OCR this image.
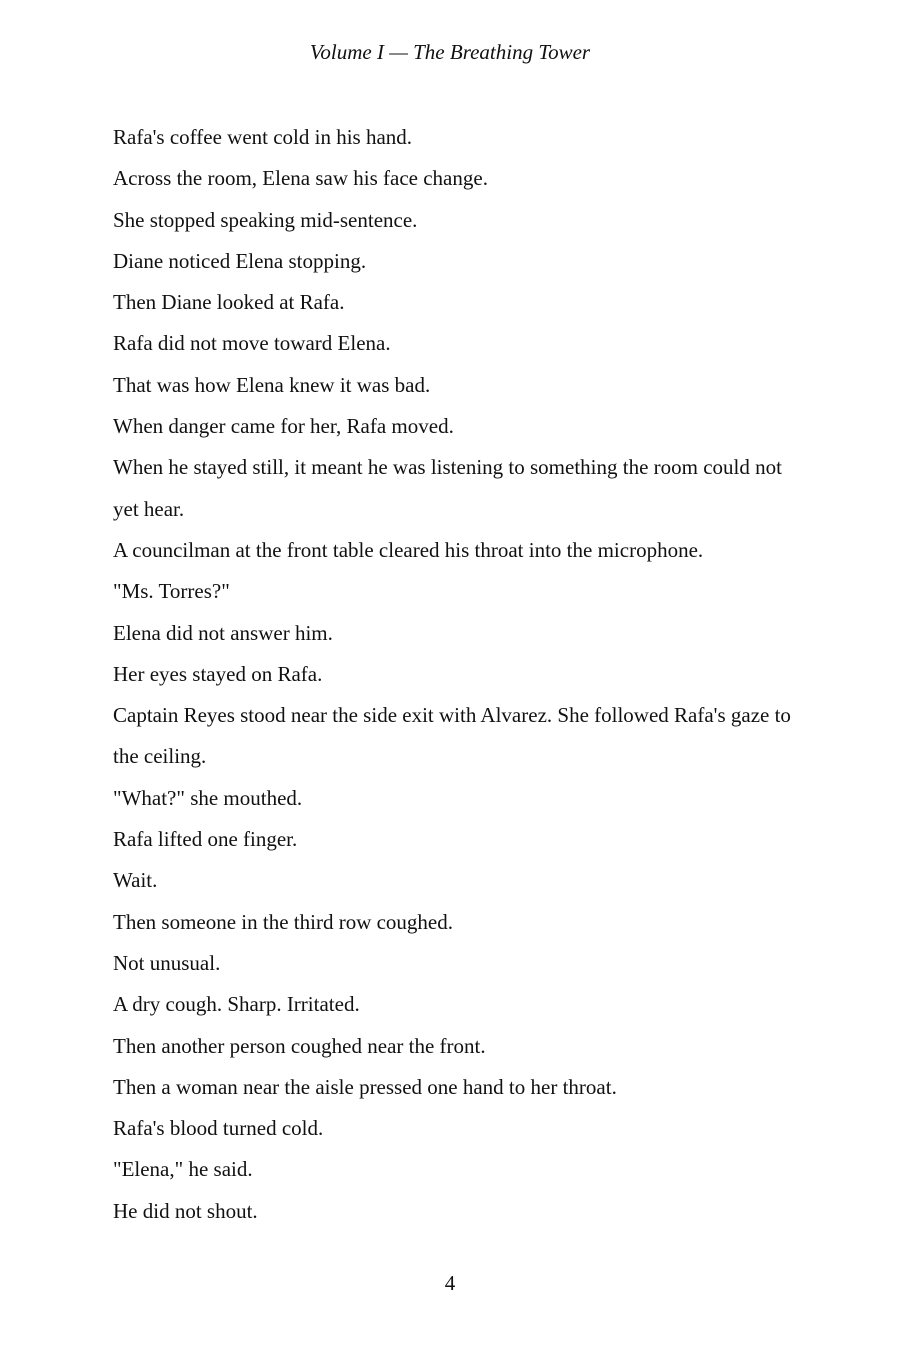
Volume I — The Breathing Tower

Rafa's coffee went cold in his hand.

Across the room, Elena saw his face change.

She stopped speaking mid-sentence.

Diane noticed Elena stopping.

Then Diane looked at Rafa.

Rafa did not move toward Elena.

That was how Elena knew it was bad.

When danger came for her, Rafa moved.

When he stayed still, it meant he was listening to something the room could not yet hear.

A councilman at the front table cleared his throat into the microphone.

"Ms. Torres?"

Elena did not answer him.

Her eyes stayed on Rafa.

Captain Reyes stood near the side exit with Alvarez. She followed Rafa's gaze to the ceiling.

"What?" she mouthed.

Rafa lifted one finger.

Wait.

Then someone in the third row coughed.

Not unusual.

A dry cough. Sharp. Irritated.

Then another person coughed near the front.

Then a woman near the aisle pressed one hand to her throat.

Rafa's blood turned cold.

"Elena," he said.

He did not shout.

4
